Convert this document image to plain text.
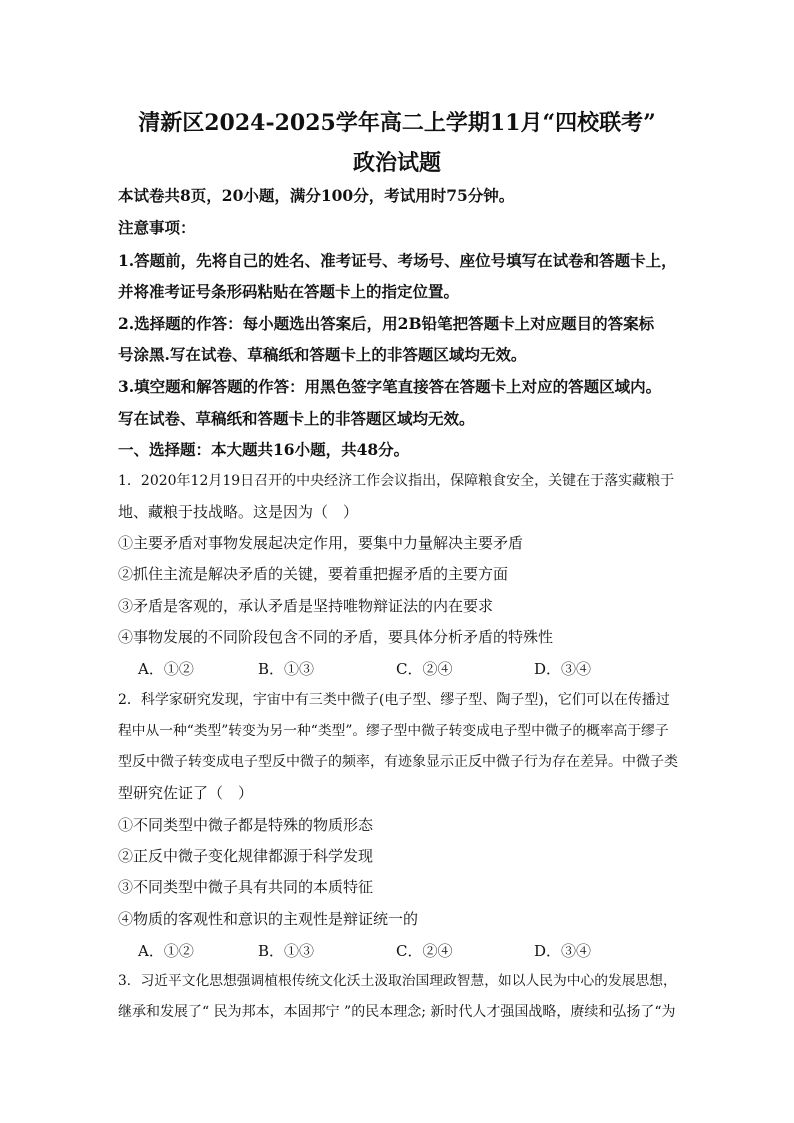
清新区2024-2025学年高二上学期11月“四校联考”
政治试题
本试卷共8页，20小题，满分100分，考试用时75分钟。
注意事项：
1.答题前，先将自己的姓名、准考证号、考场号、座位号填写在试卷和答题卡上，
并将准考证号条形码粘贴在答题卡上的指定位置。
2.选择题的作答：每小题选出答案后，用2B铅笔把答题卡上对应题目的答案标
号涂黑.写在试卷、草稿纸和答题卡上的非答题区域均无效。
3.填空题和解答题的作答：用黑色签字笔直接答在答题卡上对应的答题区域内。
写在试卷、草稿纸和答题卡上的非答题区域均无效。
一、选择题：本大题共16小题，共48分。
1．2020年12月19日召开的中央经济工作会议指出，保障粮食安全，关键在于落实藏粮于
地、藏粮于技战略。这是因为（　）
①主要矛盾对事物发展起决定作用，要集中力量解决主要矛盾
②抓住主流是解决矛盾的关键，要着重把握矛盾的主要方面
③矛盾是客观的，承认矛盾是坚持唯物辩证法的内在要求
④事物发展的不同阶段包含不同的矛盾，要具体分析矛盾的特殊性
A．①②	B．①③	C．②④	D．③④
2．科学家研究发现，宇宙中有三类中微子(电子型、缪子型、陶子型)，它们可以在传播过
程中从一种“类型”转变为另一种“类型”。缪子型中微子转变成电子型中微子的概率高于缪子
型反中微子转变成电子型反中微子的频率，有迹象显示正反中微子行为存在差异。中微子类
型研究佐证了（　）
①不同类型中微子都是特殊的物质形态
②正反中微子变化规律都源于科学发现
③不同类型中微子具有共同的本质特征
④物质的客观性和意识的主观性是辩证统一的
A．①②	B．①③	C．②④	D．③④
3．习近平文化思想强调植根传统文化沃土汲取治国理政智慧，如以人民为中心的发展思想，
继承和发展了“ 民为邦本，本固邦宁 ”的民本理念; 新时代人才强国战略，赓续和弘扬了“为
